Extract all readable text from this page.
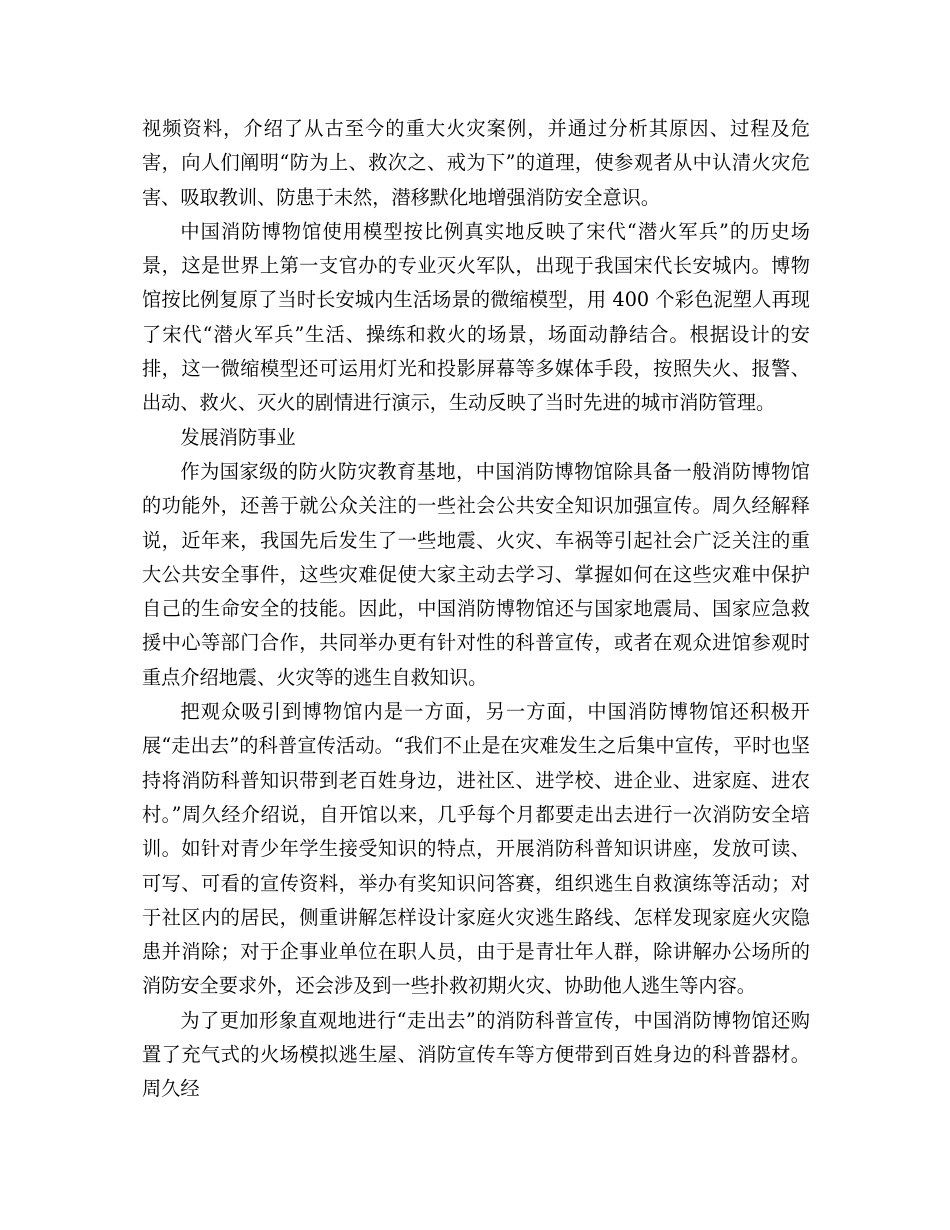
视频资料，介绍了从古至今的重大火灾案例，并通过分析其原因、过程及危害，向人们阐明“防为上、救次之、戒为下”的道理，使参观者从中认清火灾危害、吸取教训、防患于未然，潜移默化地增强消防安全意识。

中国消防博物馆使用模型按比例真实地反映了宋代“潜火军兵”的历史场景，这是世界上第一支官办的专业灭火军队，出现于我国宋代长安城内。博物馆按比例复原了当时长安城内生活场景的微缩模型，用 400 个彩色泥塑人再现了宋代“潜火军兵”生活、操练和救火的场景，场面动静结合。根据设计的安排，这一微缩模型还可运用灯光和投影屏幕等多媒体手段，按照失火、报警、出动、救火、灭火的剧情进行演示，生动反映了当时先进的城市消防管理。

发展消防事业

作为国家级的防火防灾教育基地，中国消防博物馆除具备一般消防博物馆的功能外，还善于就公众关注的一些社会公共安全知识加强宣传。周久经解释说，近年来，我国先后发生了一些地震、火灾、车祸等引起社会广泛关注的重大公共安全事件，这些灾难促使大家主动去学习、掌握如何在这些灾难中保护自己的生命安全的技能。因此，中国消防博物馆还与国家地震局、国家应急救援中心等部门合作，共同举办更有针对性的科普宣传，或者在观众进馆参观时重点介绍地震、火灾等的逃生自救知识。

把观众吸引到博物馆内是一方面，另一方面，中国消防博物馆还积极开展“走出去”的科普宣传活动。“我们不止是在灾难发生之后集中宣传，平时也坚持将消防科普知识带到老百姓身边，进社区、进学校、进企业、进家庭、进农村。”周久经介绍说，自开馆以来，几乎每个月都要走出去进行一次消防安全培训。如针对青少年学生接受知识的特点，开展消防科普知识讲座，发放可读、可写、可看的宣传资料，举办有奖知识问答赛，组织逃生自救演练等活动；对于社区内的居民，侧重讲解怎样设计家庭火灾逃生路线、怎样发现家庭火灾隐患并消除；对于企事业单位在职人员，由于是青壮年人群，除讲解办公场所的消防安全要求外，还会涉及到一些扑救初期火灾、协助他人逃生等内容。

为了更加形象直观地进行“走出去”的消防科普宣传，中国消防博物馆还购置了充气式的火场模拟逃生屋、消防宣传车等方便带到百姓身边的科普器材。周久经
